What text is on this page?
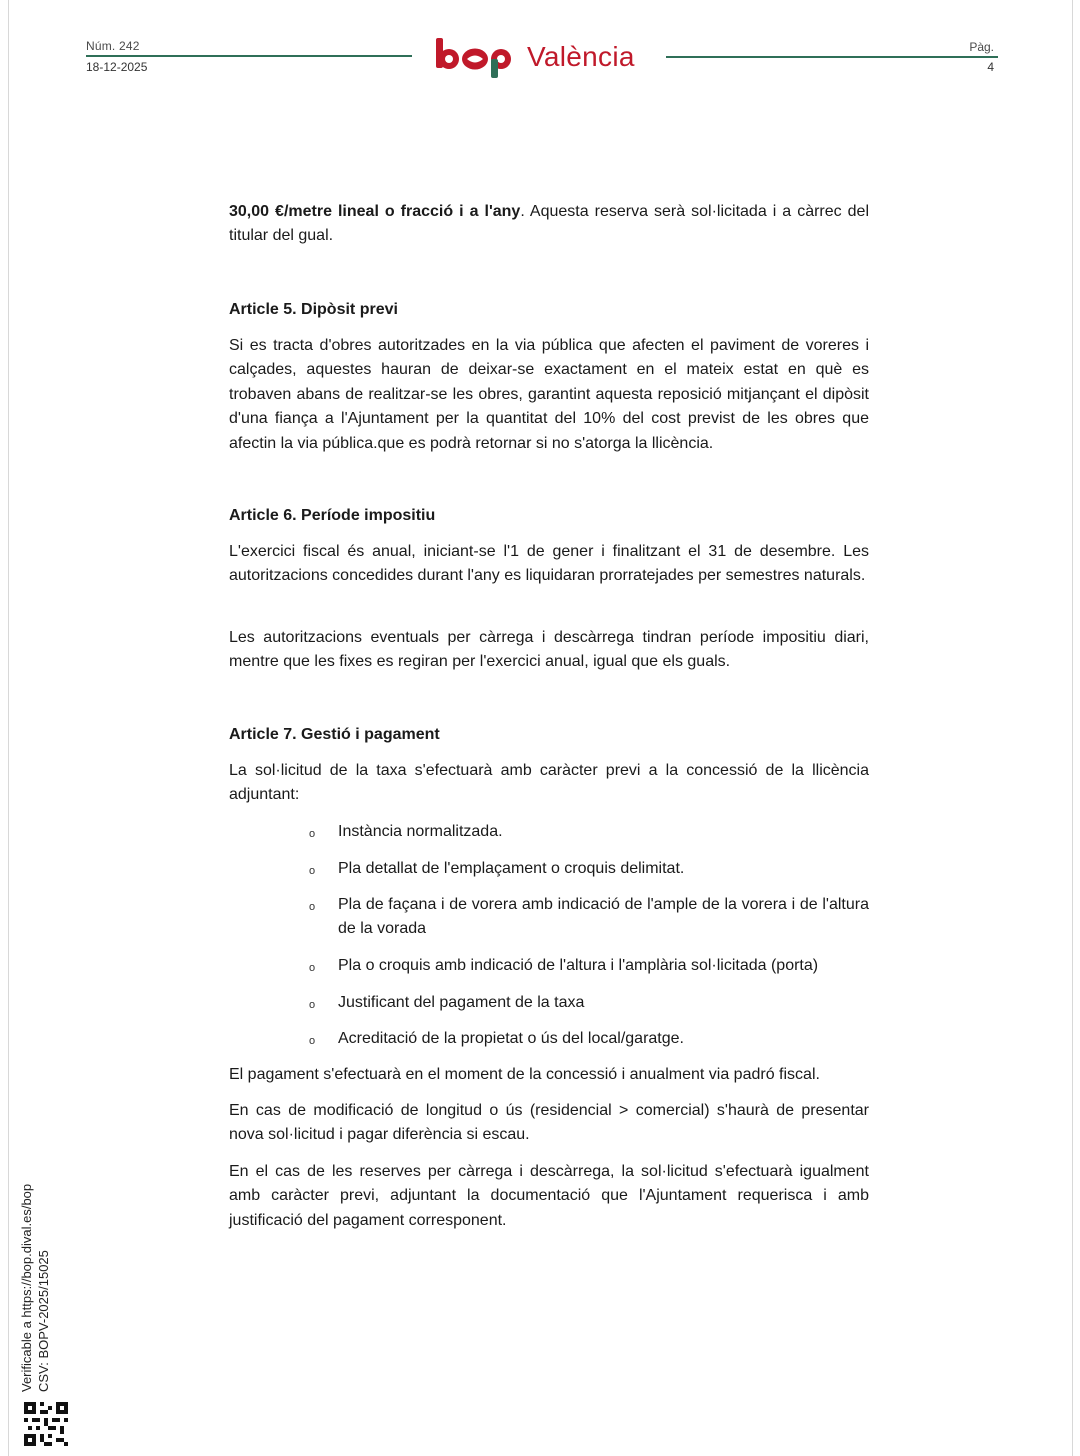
Núm. 242
18-12-2025	València	Pàg.
4

30,00 €/metre lineal o fracció i a l'any. Aquesta reserva serà sol·licitada i a càrrec del titular del gual.

Article 5. Dipòsit previ

Si es tracta d'obres autoritzades en la via pública que afecten el paviment de voreres i calçades, aquestes hauran de deixar-se exactament en el mateix estat en què es trobaven abans de realitzar-se les obres, garantint aquesta reposició mitjançant el dipòsit d'una fiança a l'Ajuntament per la quantitat del 10% del cost previst de les obres que afectin la via pública.que es podrà retornar si no s'atorga la llicència.

Article 6. Període impositiu

L'exercici fiscal és anual, iniciant-se l'1 de gener i finalitzant el 31 de desembre. Les autoritzacions concedides durant l'any es liquidaran prorratejades per semestres naturals.

Les autoritzacions eventuals per càrrega i descàrrega tindran període impositiu diari, mentre que les fixes es regiran per l'exercici anual, igual que els guals.

Article 7. Gestió i pagament

La sol·licitud de la taxa s'efectuarà amb caràcter previ a la concessió de la llicència adjuntant:

o Instància normalitzada.

o Pla detallat de l'emplaçament o croquis delimitat.

o Pla de façana i de vorera amb indicació de l'ample de la vorera i de l'altura de la vorada

o Pla o croquis amb indicació de l'altura i l'amplària sol·licitada (porta)

o Justificant del pagament de la taxa

o Acreditació de la propietat o ús del local/garatge.

El pagament s'efectuarà en el moment de la concessió i anualment via padró fiscal.

En cas de modificació de longitud o ús (residencial > comercial) s'haurà de presentar nova sol·licitud i pagar diferència si escau.

En el cas de les reserves per càrrega i descàrrega, la sol·licitud s'efectuarà igualment amb caràcter previ, adjuntant la documentació que l'Ajuntament requerisca i amb justificació del pagament corresponent.

Verificable a https://bop.dival.es/bop CSV: BOPV-2025/15025
